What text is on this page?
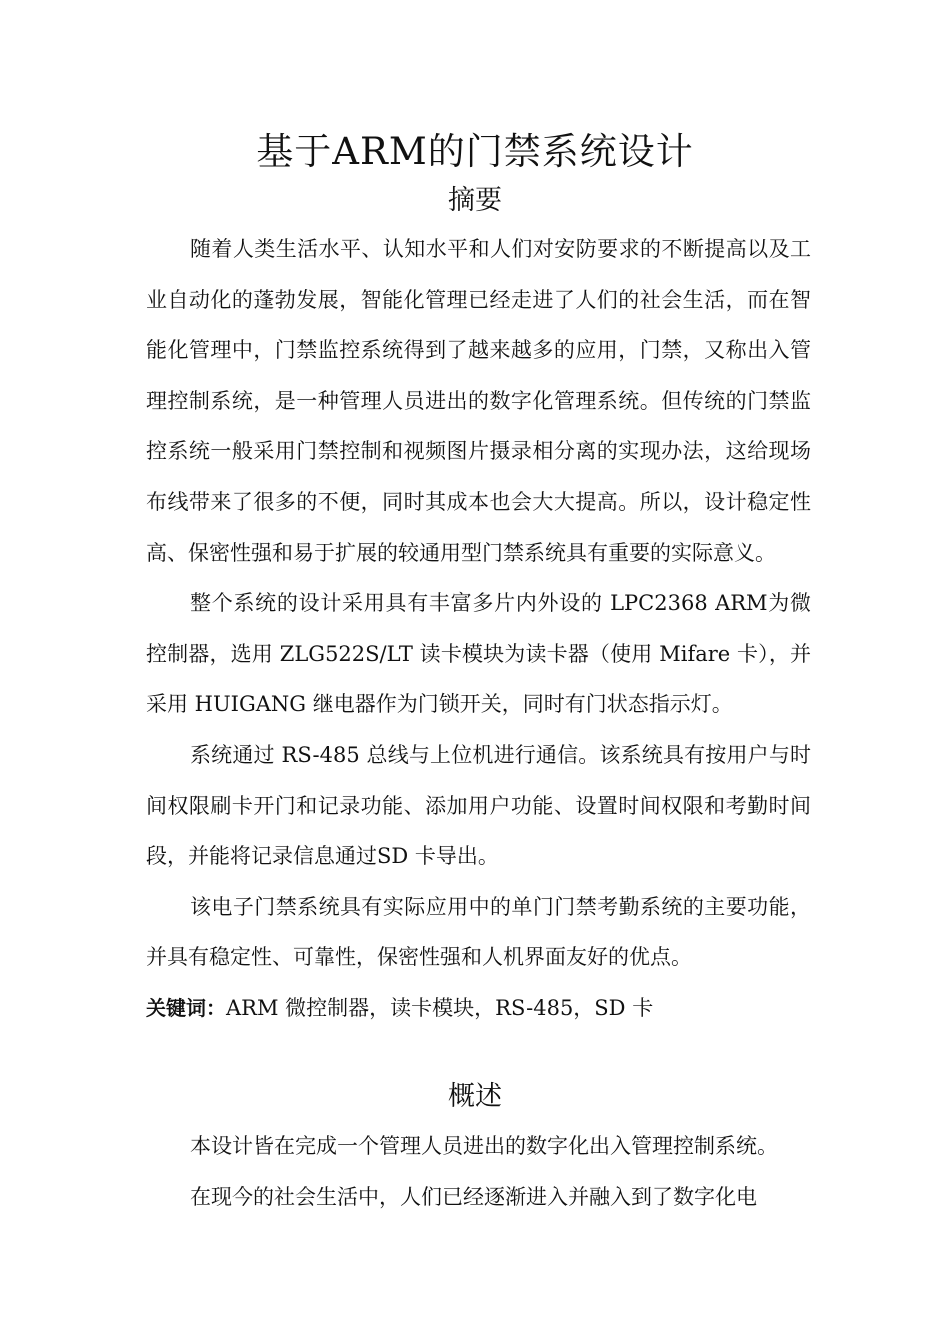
基于ARM的门禁系统设计
摘要

随着人类生活水平、认知水平和人们对安防要求的不断提高以及工业自动化的蓬勃发展，智能化管理已经走进了人们的社会生活，而在智能化管理中，门禁监控系统得到了越来越多的应用，门禁，又称出入管理控制系统，是一种管理人员进出的数字化管理系统。但传统的门禁监控系统一般采用门禁控制和视频图片摄录相分离的实现办法，这给现场布线带来了很多的不便，同时其成本也会大大提高。所以，设计稳定性高、保密性强和易于扩展的较通用型门禁系统具有重要的实际意义。

整个系统的设计采用具有丰富多片内外设的 LPC2368 ARM为微控制器，选用 ZLG522S/LT 读卡模块为读卡器（使用 Mifare 卡），并采用 HUIGANG 继电器作为门锁开关，同时有门状态指示灯。

系统通过 RS-485 总线与上位机进行通信。该系统具有按用户与时间权限刷卡开门和记录功能、添加用户功能、设置时间权限和考勤时间段，并能将记录信息通过SD 卡导出。

该电子门禁系统具有实际应用中的单门门禁考勤系统的主要功能，并具有稳定性、可靠性，保密性强和人机界面友好的优点。

关键词：ARM 微控制器，读卡模块，RS-485，SD 卡

概述

本设计皆在完成一个管理人员进出的数字化出入管理控制系统。

在现今的社会生活中，人们已经逐渐进入并融入到了数字化电
